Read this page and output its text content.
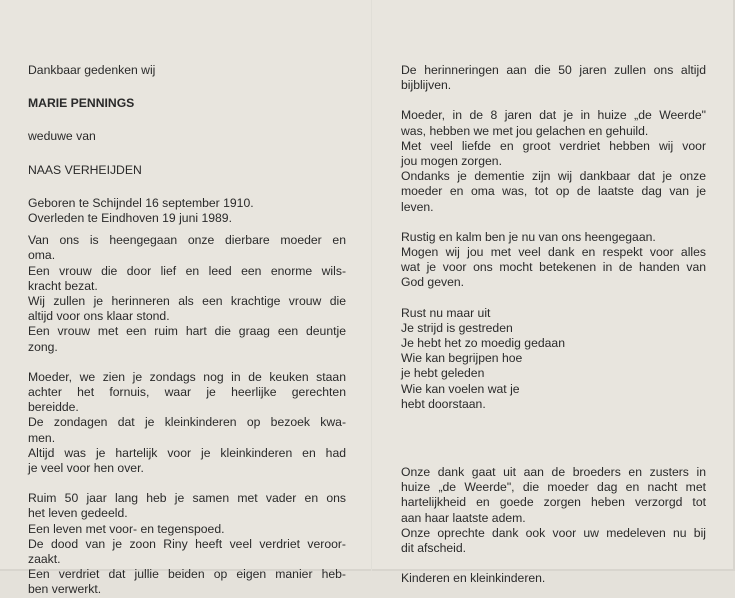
Dankbaar gedenken wij
MARIE PENNINGS
weduwe van
NAAS VERHEIJDEN
Geboren te Schijndel 16 september 1910.
Overleden te Eindhoven 19 juni 1989.
Van ons is heengegaan onze dierbare moeder en
oma.
Een vrouw die door lief en leed een enorme wils-
kracht bezat.
Wij zullen je herinneren als een krachtige vrouw die
altijd voor ons klaar stond.
Een vrouw met een ruim hart die graag een deuntje
zong.
Moeder, we zien je zondags nog in de keuken staan
achter het fornuis, waar je heerlijke gerechten
bereidde.
De zondagen dat je kleinkinderen op bezoek kwa-
men.
Altijd was je hartelijk voor je kleinkinderen en had
je veel voor hen over.
Ruim 50 jaar lang heb je samen met vader en ons
het leven gedeeld.
Een leven met voor- en tegenspoed.
De dood van je zoon Riny heeft veel verdriet veroor-
zaakt.
Een verdriet dat jullie beiden op eigen manier heb-
ben verwerkt.
De herinneringen aan die 50 jaren zullen ons altijd
bijblijven.
Moeder, in de 8 jaren dat je in huize „de Weerde"
was, hebben we met jou gelachen en gehuild.
Met veel liefde en groot verdriet hebben wij voor
jou mogen zorgen.
Ondanks je dementie zijn wij dankbaar dat je onze
moeder en oma was, tot op de laatste dag van je
leven.
Rustig en kalm ben je nu van ons heengegaan.
Mogen wij jou met veel dank en respekt voor alles
wat je voor ons mocht betekenen in de handen van
God geven.
Rust nu maar uit
Je strijd is gestreden
Je hebt het zo moedig gedaan
Wie kan begrijpen hoe
je hebt geleden
Wie kan voelen wat je
hebt doorstaan.
Onze dank gaat uit aan de broeders en zusters in
huize „de Weerde", die moeder dag en nacht met
hartelijkheid en goede zorgen heben verzorgd tot
aan haar laatste adem.
Onze oprechte dank ook voor uw medeleven nu bij
dit afscheid.
Kinderen en kleinkinderen.
